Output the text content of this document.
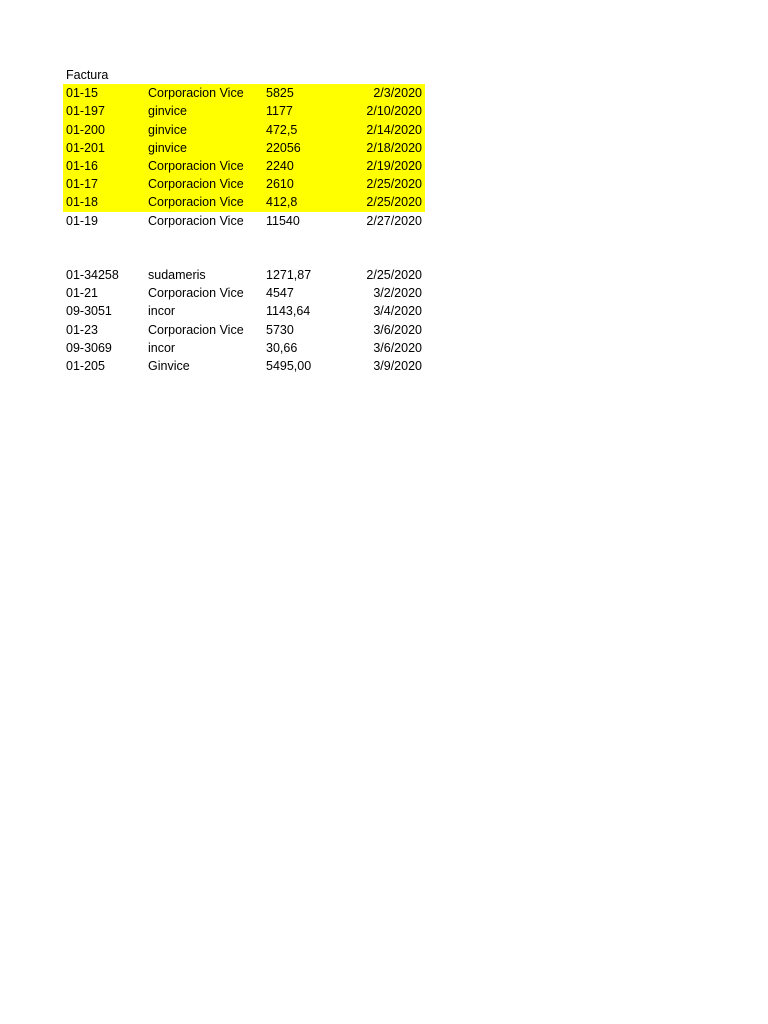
Factura
01-15	Corporacion Vice	5825	2/3/2020
01-197	ginvice	1177	2/10/2020
01-200	ginvice	472,5	2/14/2020
01-201	ginvice	22056	2/18/2020
01-16	Corporacion Vice	2240	2/19/2020
01-17	Corporacion Vice	2610	2/25/2020
01-18	Corporacion Vice	412,8	2/25/2020
01-19	Corporacion Vice	11540	2/27/2020
01-34258	sudameris	1271,87	2/25/2020
01-21	Corporacion Vice	4547	3/2/2020
09-3051	incor	1143,64	3/4/2020
01-23	Corporacion Vice	5730	3/6/2020
09-3069	incor	30,66	3/6/2020
01-205	Ginvice	5495,00	3/9/2020
